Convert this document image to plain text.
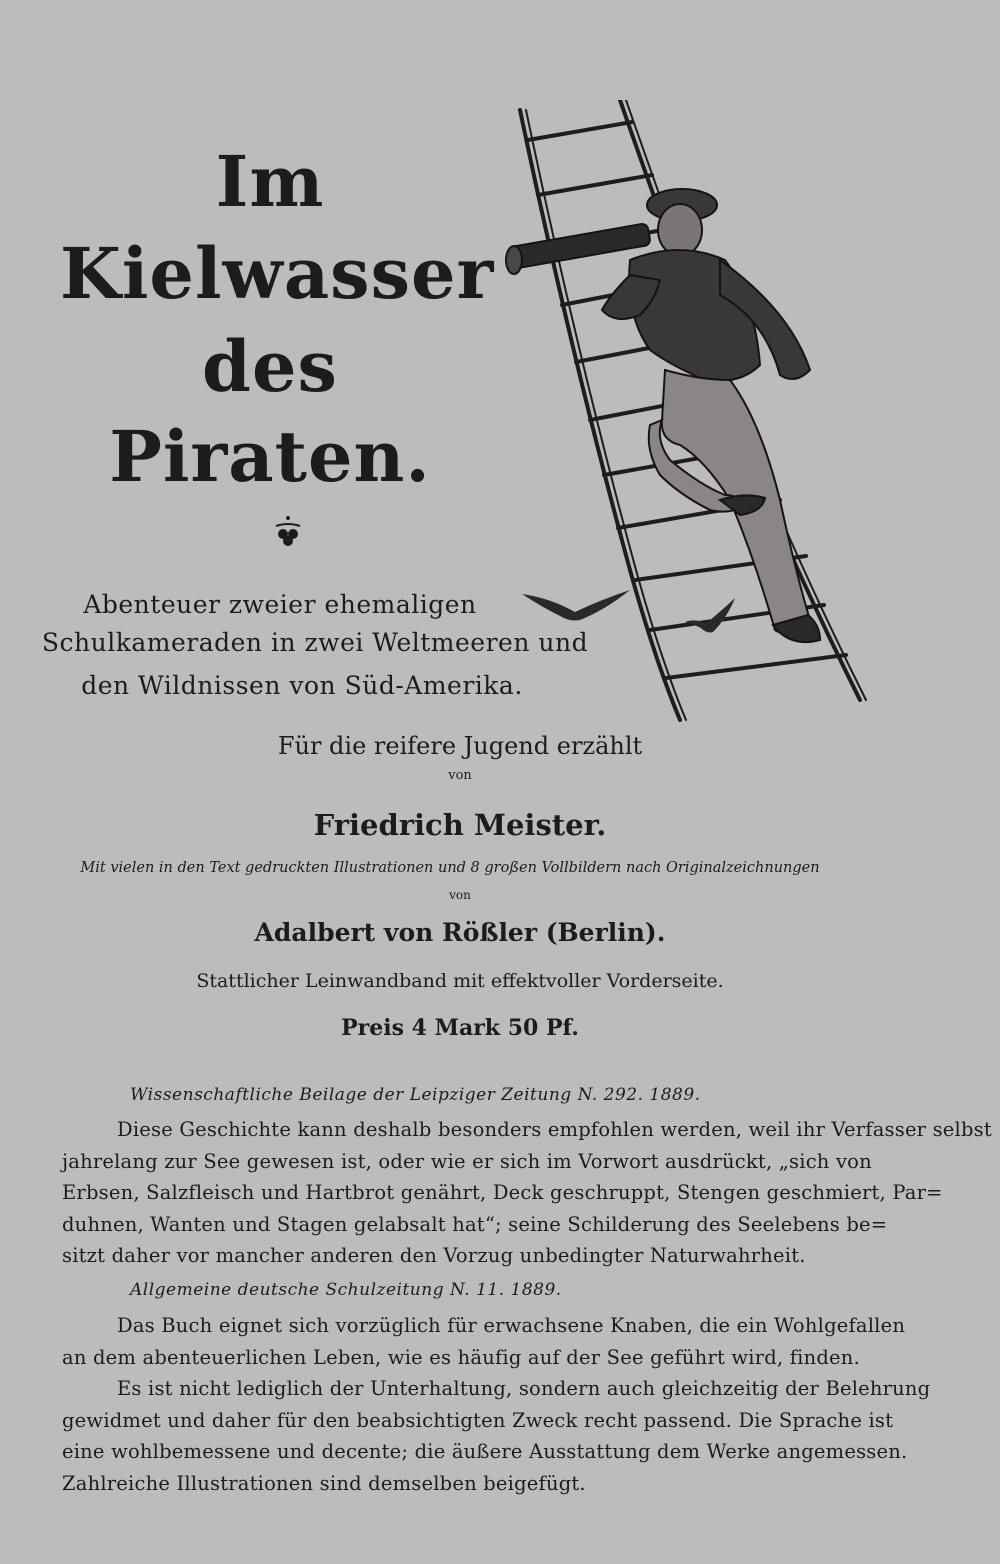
Im
Kielwasser
des
Piraten.
Abenteuer zweier ehemaligen
Schulkameraden in zwei Weltmeeren und
den Wildnissen von Süd-Amerika.
Für die reifere Jugend erzählt
von
Friedrich Meister.
Mit vielen in den Text gedruckten Illustrationen und 8 großen Vollbildern nach Originalzeichnungen
von
Adalbert von Rößler (Berlin).
Stattlicher Leinwandband mit effektvoller Vorderseite.
Preis 4 Mark 50 Pf.
Wissenschaftliche Beilage der Leipziger Zeitung N. 292. 1889.
Diese Geschichte kann deshalb besonders empfohlen werden, weil ihr Verfasser selbst
jahrelang zur See gewesen ist, oder wie er sich im Vorwort ausdrückt, „sich von
Erbsen, Salzfleisch und Hartbrot genährt, Deck geschruppt, Stengen geschmiert, Par=
duhnen, Wanten und Stagen gelabsalt hat“; seine Schilderung des Seelebens be=
sitzt daher vor mancher anderen den Vorzug unbedingter Naturwahrheit.
Allgemeine deutsche Schulzeitung N. 11. 1889.
Das Buch eignet sich vorzüglich für erwachsene Knaben, die ein Wohlgefallen
an dem abenteuerlichen Leben, wie es häufig auf der See geführt wird, finden.
Es ist nicht lediglich der Unterhaltung, sondern auch gleichzeitig der Belehrung
gewidmet und daher für den beabsichtigten Zweck recht passend. Die Sprache ist
eine wohlbemessene und decente; die äußere Ausstattung dem Werke angemessen.
Zahlreiche Illustrationen sind demselben beigefügt.
